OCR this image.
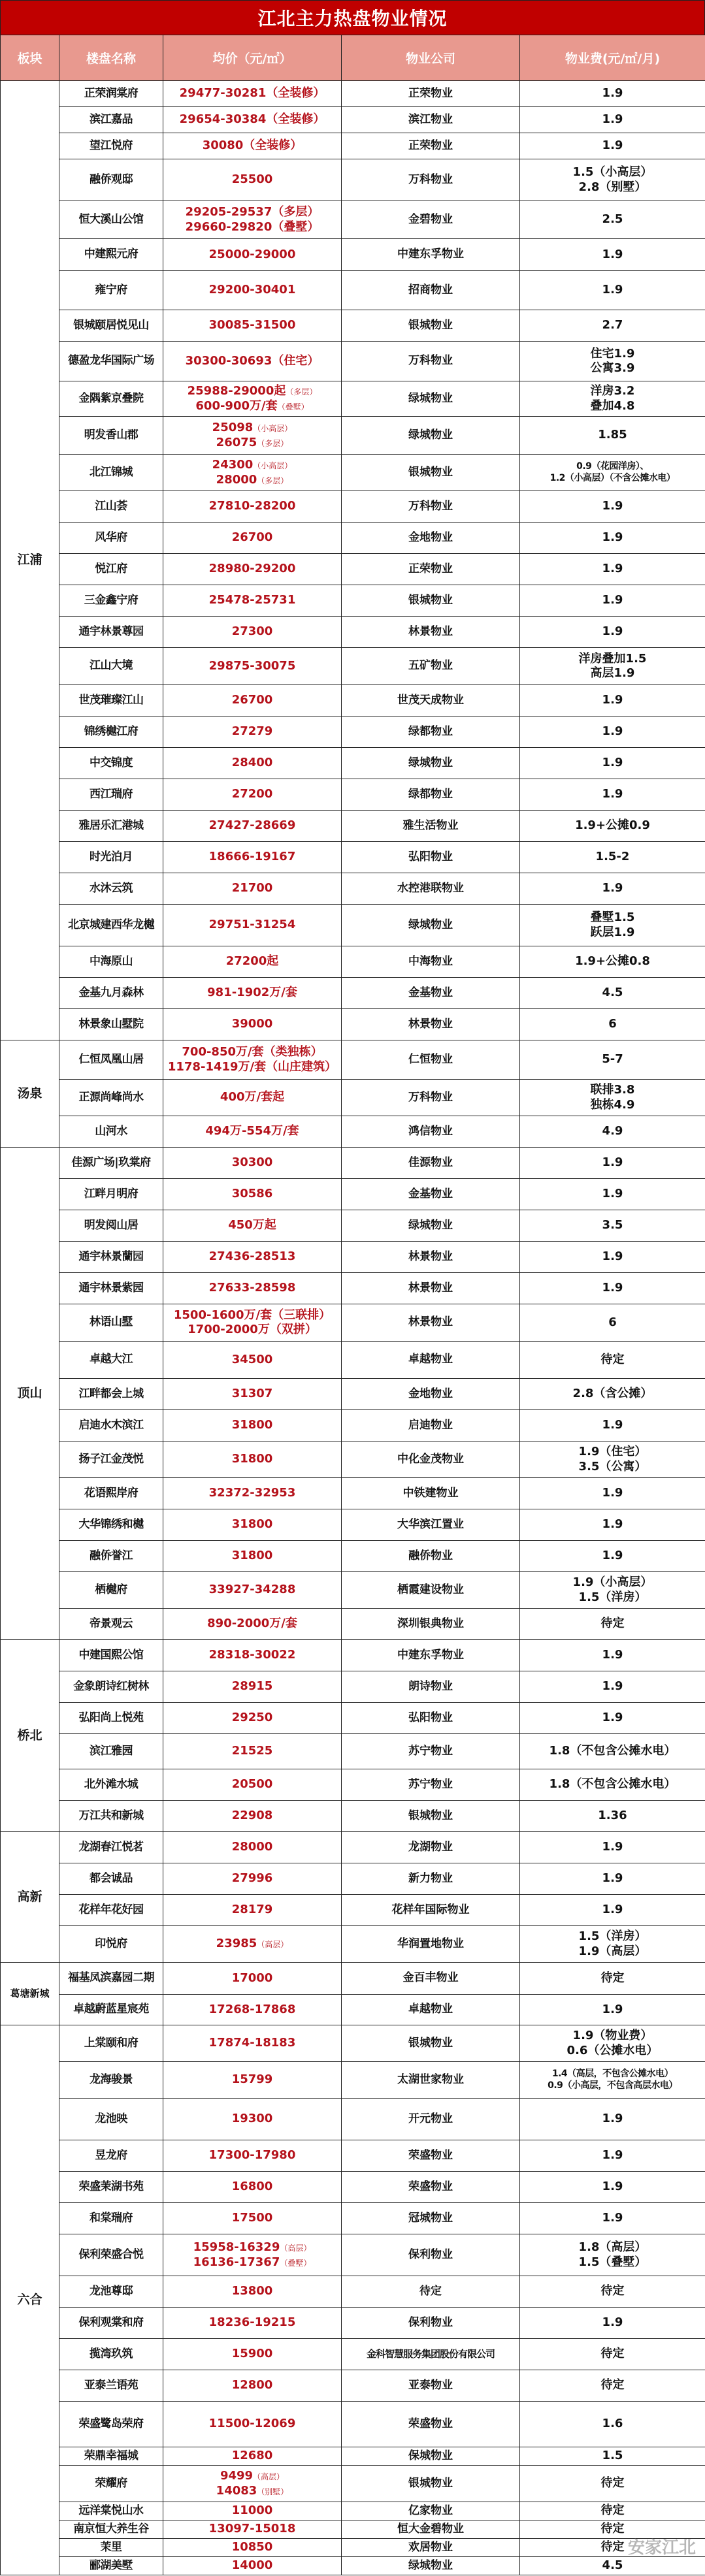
江北主力热盘物业情况
板块	楼盘名称	均价（元/㎡）	物业公司	物业费(元/㎡/月)
江浦	正荣润棠府	29477-30281（全装修）	正荣物业	1.9

	滨江嘉品	29654-30384（全装修）	滨江物业	1.9

	望江悦府	30080（全装修）	正荣物业	1.9

	融侨观邸	25500	万科物业	1.5（小高层）
2.8（别墅）

	恒大溪山公馆	29205-29537（多层）
29660-29820（叠墅）	金碧物业	2.5

	中建熙元府	25000-29000	中建东孚物业	1.9

	雍宁府	29200-30401	招商物业	1.9

	银城颐居悦见山	30085-31500	银城物业	2.7

	德盈龙华国际广场	30300-30693（住宅）	万科物业	住宅1.9
公寓3.9

	金隅紫京叠院	25988-29000起（多层）
600-900万/套（叠墅）	绿城物业	洋房3.2
叠加4.8

	明发香山郡	25098（小高层）
26075（多层）	绿城物业	1.85

	北江锦城	24300（小高层）
28000（多层）	银城物业	0.9（花园洋房）、
1.2（小高层）（不含公摊水电）

	江山荟	27810-28200	万科物业	1.9

	风华府	26700	金地物业	1.9

	悦江府	28980-29200	正荣物业	1.9

	三金鑫宁府	25478-25731	银城物业	1.9

	通宇林景尊园	27300	林景物业	1.9

	江山大境	29875-30075	五矿物业	洋房叠加1.5
高层1.9

	世茂璀璨江山	26700	世茂天成物业	1.9

	锦绣樾江府	27279	绿都物业	1.9

	中交锦度	28400	绿城物业	1.9

	西江瑞府	27200	绿都物业	1.9

	雅居乐汇港城	27427-28669	雅生活物业	1.9+公摊0.9

	时光泊月	18666-19167	弘阳物业	1.5-2

	水沐云筑	21700	水控港联物业	1.9

	北京城建西华龙樾	29751-31254	绿城物业	叠墅1.5
跃层1.9

	中海原山	27200起	中海物业	1.9+公摊0.8

	金基九月森林	981-1902万/套	金基物业	4.5

	林景象山墅院	39000	林景物业	6

汤泉	仁恒凤凰山居	700-850万/套（类独栋）
1178-1419万/套（山庄建筑）	仁恒物业	5-7

	正源尚峰尚水	400万/套起	万科物业	联排3.8
独栋4.9

	山河水	494万-554万/套	鸿信物业	4.9

顶山	佳源广场|玖棠府	30300	佳源物业	1.9

	江畔月明府	30586	金基物业	1.9

	明发阅山居	450万起	绿城物业	3.5

	通宇林景蘭园	27436-28513	林景物业	1.9

	通宇林景紫园	27633-28598	林景物业	1.9

	林语山墅	1500-1600万/套（三联排）
1700-2000万（双拼）	林景物业	6

	卓越大江	34500	卓越物业	待定

	江畔都会上城	31307	金地物业	2.8（含公摊）

	启迪水木滨江	31800	启迪物业	1.9

	扬子江金茂悦	31800	中化金茂物业	1.9（住宅）
3.5（公寓）

	花语熙岸府	32372-32953	中铁建物业	1.9

	大华锦绣和樾	31800	大华滨江置业	1.9

	融侨誉江	31800	融侨物业	1.9

	栖樾府	33927-34288	栖霞建设物业	1.9（小高层）
1.5（洋房）

	帝景观云	890-2000万/套	深圳银典物业	待定

桥北	中建国熙公馆	28318-30022	中建东孚物业	1.9

	金象朗诗红树林	28915	朗诗物业	1.9

	弘阳尚上悦苑	29250	弘阳物业	1.9

	滨江雅园	21525	苏宁物业	1.8（不包含公摊水电）

	北外滩水城	20500	苏宁物业	1.8（不包含公摊水电）

	万江共和新城	22908	银城物业	1.36

高新	龙湖春江悦茗	28000	龙湖物业	1.9

	都会诚品	27996	新力物业	1.9

	花样年花好园	28179	花样年国际物业	1.9

	印悦府	23985（高层）	华润置地物业	1.5（洋房）
1.9（高层）

葛塘新城	福基凤滨嘉园二期	17000	金百丰物业	待定

	卓越蔚蓝星宸苑	17268-17868	卓越物业	1.9

六合	上棠颐和府	17874-18183	银城物业	1.9（物业费）
0.6（公摊水电）

	龙海骏景	15799	太湖世家物业	1.4（高层，不包含公摊水电）
0.9（小高层，不包含高层水电）

	龙池映	19300	开元物业	1.9

	昱龙府	17300-17980	荣盛物业	1.9

	荣盛茉湖书苑	16800	荣盛物业	1.9

	和棠瑞府	17500	冠城物业	1.9

	保利荣盛合悦	15958-16329（高层）
16136-17367（叠墅）	保利物业	1.8（高层）
1.5（叠墅）

	龙池尊邸	13800	待定	待定

	保利观棠和府	18236-19215	保利物业	1.9

	揽湾玖筑	15900	金科智慧服务集团股份有限公司	待定

	亚泰兰语苑	12800	亚泰物业	待定

	荣盛鹭岛荣府	11500-12069	荣盛物业	1.6

	荣鼎幸福城	12680	保城物业	1.5

	荣耀府	9499（高层）
14083（别墅）	银城物业	待定

	远洋棠悦山水	11000	亿家物业	待定

	南京恒大养生谷	13097-15018	恒大金碧物业	待定

	茉里	10850	欢居物业	待定

	郦湖美墅	14000	绿城物业	4.5
安家江北
